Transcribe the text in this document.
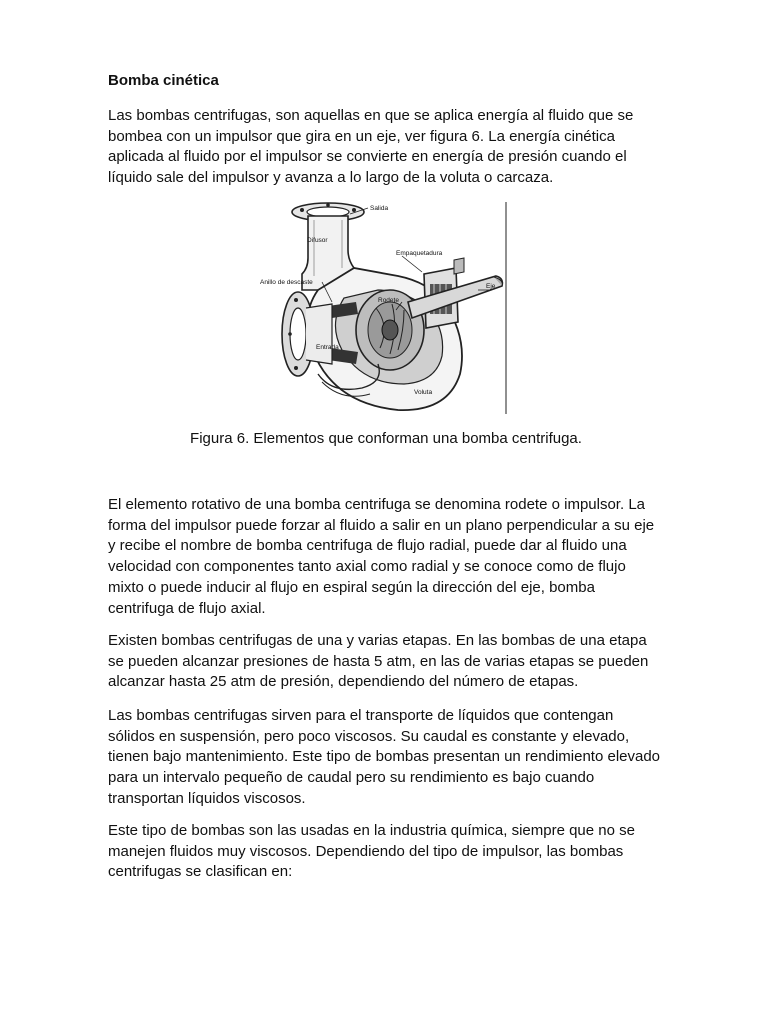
Bomba cinética

Las bombas centrifugas, son aquellas en que se aplica energía al fluido que se
bombea con un impulsor que gira en un eje, ver figura 6. La energía cinética
aplicada al fluido por el impulsor se convierte en energía de presión cuando el
líquido sale del impulsor y avanza a lo largo de la voluta o carcaza.

Figura 6. Elementos que conforman una bomba centrifuga.

El elemento rotativo de una bomba centrifuga se denomina rodete o impulsor. La
forma del impulsor puede forzar al fluido a salir en un plano perpendicular a su eje
y recibe el nombre de bomba centrifuga de flujo radial, puede dar al fluido una
velocidad con componentes tanto axial como radial y se conoce como de flujo
mixto o puede inducir al flujo en espiral según la dirección del eje, bomba
centrifuga de flujo axial.

Existen bombas centrifugas de una y varias etapas. En las bombas de una etapa
se pueden alcanzar presiones de hasta 5 atm, en las de varias etapas se pueden
alcanzar hasta 25 atm de presión, dependiendo del número de etapas.

Las bombas centrifugas sirven para el transporte de líquidos que contengan
sólidos en suspensión, pero poco viscosos. Su caudal es constante y elevado,
tienen bajo mantenimiento. Este tipo de bombas presentan un rendimiento elevado
para un intervalo pequeño de caudal pero su rendimiento es bajo cuando
transportan líquidos viscosos.

Este tipo de bombas son las usadas en la industria química, siempre que no se
manejen fluidos muy viscosos. Dependiendo del tipo de impulsor, las bombas
centrifugas se clasifican en:

Salida
Difusor
Empaquetadura
Anillo de descaste
Eje
Rodete
Entrada
Voluta
